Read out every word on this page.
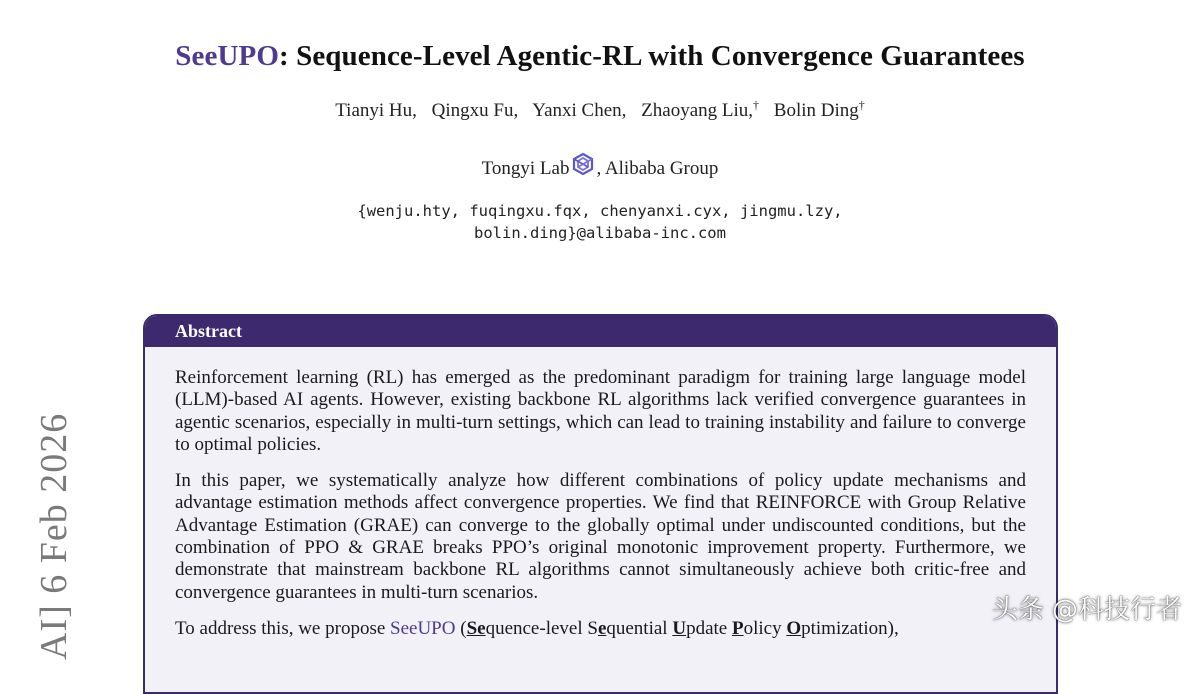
SeeUPO: Sequence-Level Agentic-RL with Convergence Guarantees
Tianyi Hu, Qingxu Fu, Yanxi Chen, Zhaoyang Liu,† Bolin Ding†
Tongyi Lab , Alibaba Group
{wenju.hty, fuqingxu.fqx, chenyanxi.cyx, jingmu.lzy,
bolin.ding}@alibaba-inc.com
Abstract

Reinforcement learning (RL) has emerged as the predominant paradigm for training large language model (LLM)-based AI agents. However, existing backbone RL algorithms lack verified convergence guarantees in agentic scenarios, especially in multi-turn settings, which can lead to training instability and failure to converge to optimal policies.

In this paper, we systematically analyze how different combinations of policy update mechanisms and advantage estimation methods affect convergence properties. We find that REINFORCE with Group Relative Advantage Estimation (GRAE) can converge to the globally optimal under undiscounted conditions, but the combination of PPO & GRAE breaks PPO’s original monotonic improvement property. Furthermore, we demonstrate that mainstream backbone RL algorithms cannot simultaneously achieve both critic-free and convergence guarantees in multi-turn scenarios.

To address this, we propose SeeUPO (Sequence-level Sequential Update Policy Optimization),

AI] 6 Feb 2026	头条 @科技行者
